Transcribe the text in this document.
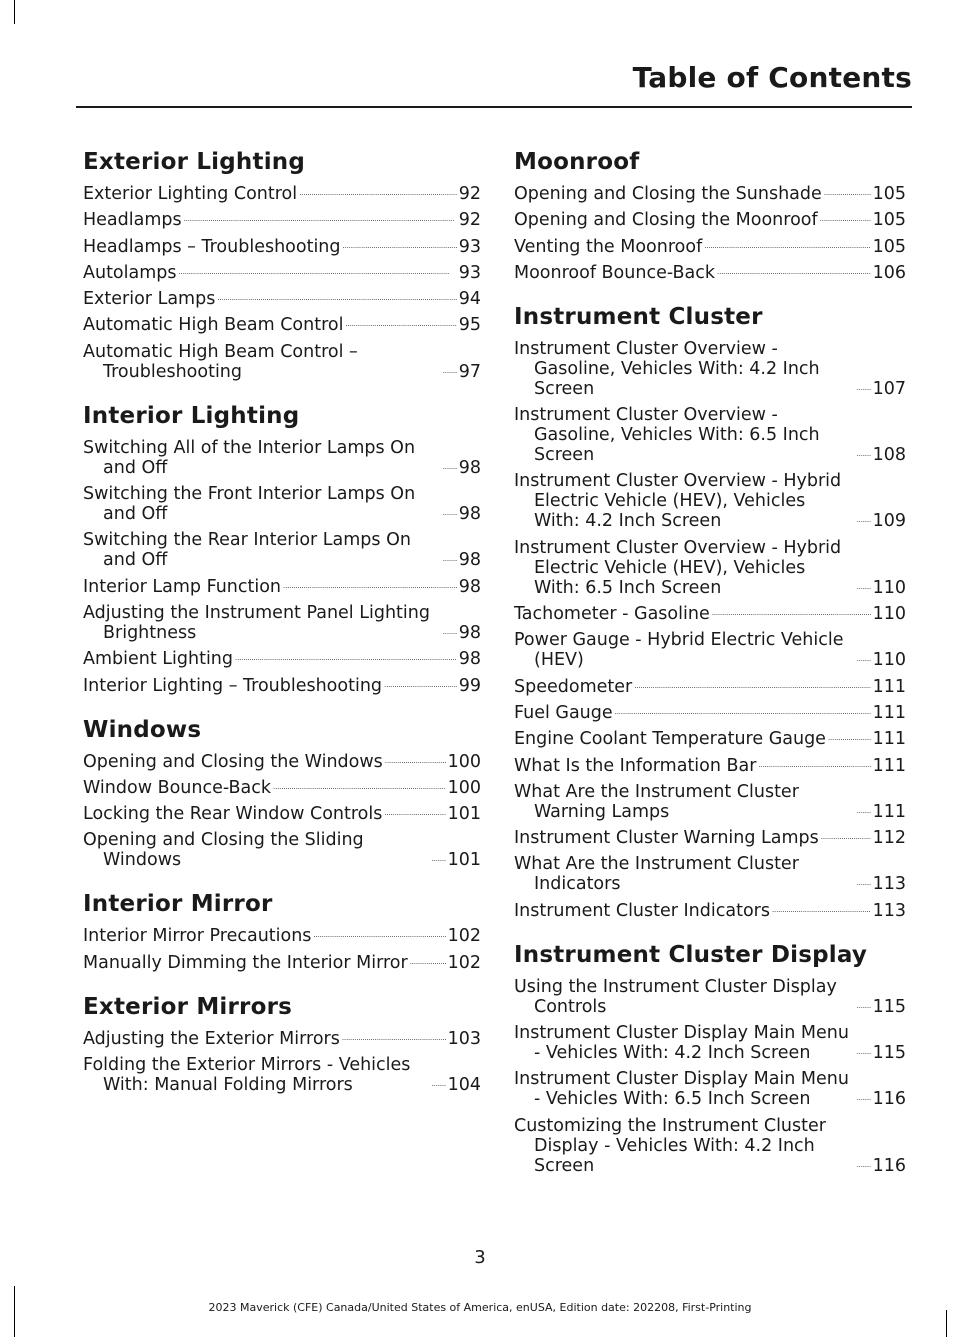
Table of Contents
Exterior Lighting
Exterior Lighting Control . . .	92
Headlamps . . .	92
Headlamps – Troubleshooting . . .	93
Autolamps . . .	93
Exterior Lamps . . .	94
Automatic High Beam Control . . .	95
Automatic High Beam Control – Troubleshooting . . .	97
Interior Lighting
Switching All of the Interior Lamps On and Off . . .	98
Switching the Front Interior Lamps On and Off . . .	98
Switching the Rear Interior Lamps On and Off . . .	98
Interior Lamp Function . . .	98
Adjusting the Instrument Panel Lighting Brightness . . .	98
Ambient Lighting . . .	98
Interior Lighting – Troubleshooting . . .	99
Windows
Opening and Closing the Windows . . .	100
Window Bounce-Back . . .	100
Locking the Rear Window Controls . . .	101
Opening and Closing the Sliding Windows . . .	101
Interior Mirror
Interior Mirror Precautions . . .	102
Manually Dimming the Interior Mirror . . . 102
Exterior Mirrors
Adjusting the Exterior Mirrors . . .	103
Folding the Exterior Mirrors - Vehicles With: Manual Folding Mirrors . . .	104
Moonroof
Opening and Closing the Sunshade . . .	105
Opening and Closing the Moonroof . . .	105
Venting the Moonroof . . .	105
Moonroof Bounce-Back . . .	106
Instrument Cluster
Instrument Cluster Overview - Gasoline, Vehicles With: 4.2 Inch Screen . . .	107
Instrument Cluster Overview - Gasoline, Vehicles With: 6.5 Inch Screen . . .	108
Instrument Cluster Overview - Hybrid Electric Vehicle (HEV), Vehicles With: 4.2 Inch Screen . . .	109
Instrument Cluster Overview - Hybrid Electric Vehicle (HEV), Vehicles With: 6.5 Inch Screen . . .	110
Tachometer - Gasoline . . .	110
Power Gauge - Hybrid Electric Vehicle (HEV) . . .	110
Speedometer . . .	111
Fuel Gauge . . .	111
Engine Coolant Temperature Gauge . . .	111
What Is the Information Bar . . .	111
What Are the Instrument Cluster Warning Lamps . . .	111
Instrument Cluster Warning Lamps . . .	112
What Are the Instrument Cluster Indicators . . .	113
Instrument Cluster Indicators . . .	113
Instrument Cluster Display
Using the Instrument Cluster Display Controls . . .	115
Instrument Cluster Display Main Menu - Vehicles With: 4.2 Inch Screen . . .	115
Instrument Cluster Display Main Menu - Vehicles With: 6.5 Inch Screen . . .	116
Customizing the Instrument Cluster Display - Vehicles With: 4.2 Inch Screen . . .	116
3
2023 Maverick (CFE) Canada/United States of America, enUSA, Edition date: 202208, First-Printing
